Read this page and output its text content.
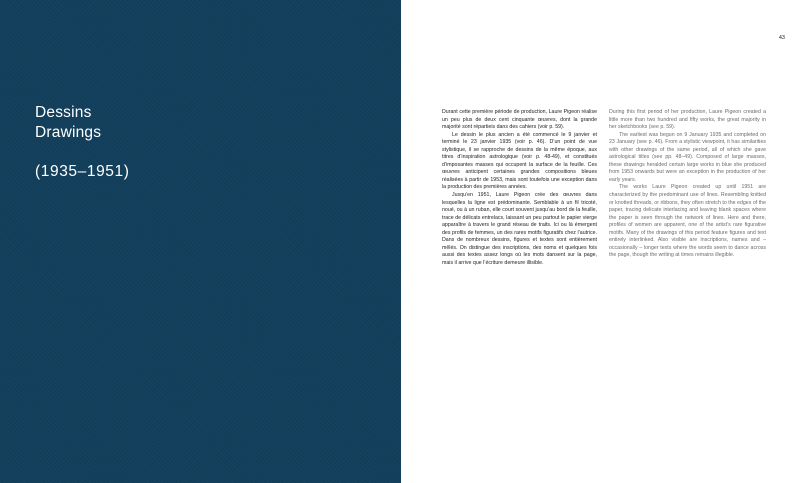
Dessins
Drawings
(1935–1951)
43

Durant cette première période de production, Laure Pigeon réalise un peu plus de deux cent cinquante œuvres, dont la grande majorité sont répartieis dans des cahiers (voir p. 59).

Le dessin le plus ancien a été commencé le 9 janvier et terminé le 23 janvier 1935 (voir p. 46). D’un point de vue stylistique, il se rapproche de dessins de la même époque, aux titres d’inspiration astrologique (voir p. 48-49), et constitués d’imposantes masses qui occupent la surface de la feuille. Ces œuvres anticipent certaines grandes compositions bleues réalisées à partir de 1953, mais sont toutefois une exception dans la production des premières années.

Jusqu’en 1951, Laure Pigeon crée des œuvres dans lesquelles la ligne est prédominante. Semblable à un fil tricoté, noué, ou à un ruban, elle court souvent jusqu’au bord de la feuille, trace de délicats entrelacs, laissant un peu partout le papier vierge apparaître à travers le grand réseau de traits. Ici ou là émergent des profils de femmes, un des rares motifs figuratifs chez l’autrice. Dans de nombreux dessins, figures et textes sont entièrement mêlés. On distingue des inscriptions, des noms et quelques fois aussi des textes assez longs où les mots dansent sur la page, mais il arrive que l’écriture demeure illisible.

During this first period of her production, Laure Pigeon created a little more than two hundred and fifty works, the great majority in her sketchbooks (see p. 59).

The earliest was begun on 9 January 1935 and completed on 23 January (see p. 46). From a stylistic viewpoint, it has similarities with other drawings of the same period, all of which she gave astrological titles (see pp. 48–49). Composed of large masses, these drawings heralded certain large works in blue she produced from 1953 onwards but were an exception in the production of her early years.

The works Laure Pigeon created up until 1951 are characterized by the predominant use of lines. Resembling knitted or knotted threads, or ribbons, they often stretch to the edges of the paper, tracing delicate interlacing and leaving blank spaces where the paper is seen through the network of lines. Here and there, profiles of women are apparent, one of the artist’s rare figurative motifs. Many of the drawings of this period feature figures and text entirely interlinked. Also visible are inscriptions, names and – occasionally – longer texts where the words seem to dance across the page, though the writing at times remains illegible.
